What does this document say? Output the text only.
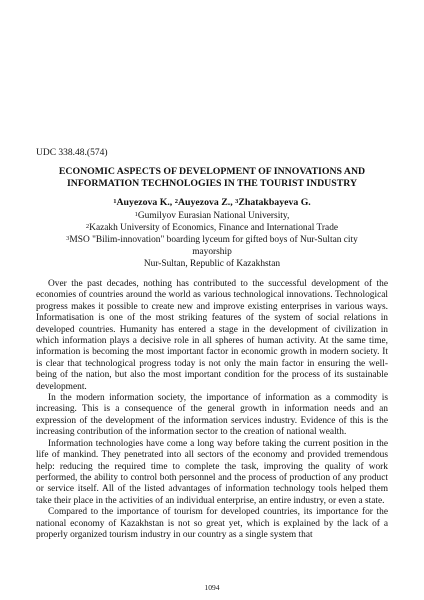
UDC 338.48.(574)
ECONOMIC ASPECTS OF DEVELOPMENT OF INNOVATIONS AND
INFORMATION TECHNOLOGIES IN THE TOURIST INDUSTRY
$^1$Auyezova K., $^2$Auyezova Z., $^3$Zhatakbayeva G.
$^1$Gumilyov Eurasian National University,
$^2$Kazakh University of Economics, Finance and International Trade
$^3$MSO "Bilim-innovation" boarding lyceum for gifted boys of Nur-Sultan city
mayorship
Nur-Sultan, Republic of Kazakhstan

Over the past decades, nothing has contributed to the successful development of the economies of countries around the world as various technological innovations. Technological progress makes it possible to create new and improve existing enterprises in various ways. Informatisation is one of the most striking features of the system of social relations in developed countries. Humanity has entered a stage in the development of civilization in which information plays a decisive role in all spheres of human activity. At the same time, information is becoming the most important factor in economic growth in modern society. It is clear that technological progress today is not only the main factor in ensuring the well-being of the nation, but also the most important condition for the process of its sustainable development.

In the modern information society, the importance of information as a commodity is increasing. This is a consequence of the general growth in information needs and an expression of the development of the information services industry. Evidence of this is the increasing contribution of the information sector to the creation of national wealth.

Information technologies have come a long way before taking the current position in the life of mankind. They penetrated into all sectors of the economy and provided tremendous help: reducing the required time to complete the task, improving the quality of work performed, the ability to control both personnel and the process of production of any product or service itself. All of the listed advantages of information technology tools helped them take their place in the activities of an individual enterprise, an entire industry, or even a state.

Compared to the importance of tourism for developed countries, its importance for the national economy of Kazakhstan is not so great yet, which is explained by the lack of a properly organized tourism industry in our country as a single system that

1094
